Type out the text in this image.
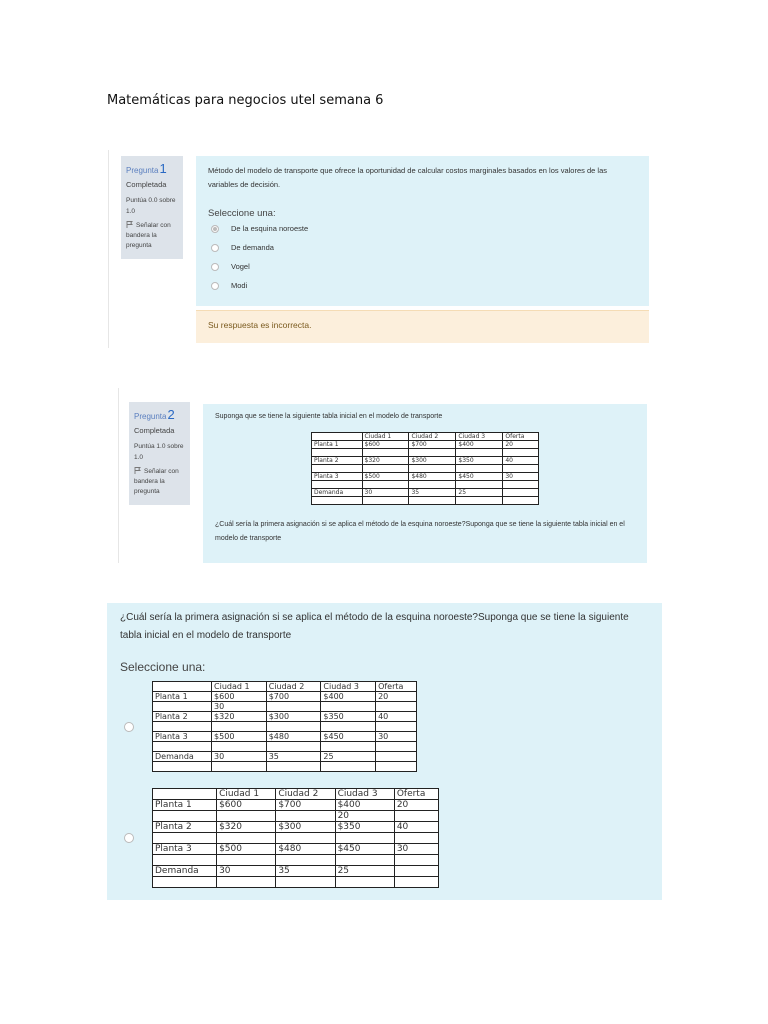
Matemáticas para negocios utel semana 6
Pregunta1
Completada
Puntúa 0.0 sobre 1.0
Señalar con bandera la pregunta
Método del modelo de transporte que ofrece la oportunidad de calcular costos marginales basados en los valores de las variables de decisión.
Seleccione una:
De la esquina noroeste
De demanda
Vogel
Modi
Su respuesta es incorrecta.
Pregunta2
Completada
Puntúa 1.0 sobre 1.0
Señalar con bandera la pregunta
Suponga que se tiene la siguiente tabla inicial en el modelo de transporte
	Ciudad 1	Ciudad 2	Ciudad 3	Oferta
Planta 1	$600	$700	$400	20

Planta 2	$320	$300	$350	40

Planta 3	$500	$480	$450	30

Demanda	30	35	25	

¿Cuál sería la primera asignación si se aplica el método de la esquina noroeste?Suponga que se tiene la siguiente tabla inicial en el modelo de transporte
¿Cuál sería la primera asignación si se aplica el método de la esquina noroeste?Suponga que se tiene la siguiente tabla inicial en el modelo de transporte
Seleccione una:
	Ciudad 1	Ciudad 2	Ciudad 3	Oferta
Planta 1	$600	$700	$400	20
	30			
Planta 2	$320	$300	$350	40

Planta 3	$500	$480	$450	30

Demanda	30	35	25	

	Ciudad 1	Ciudad 2	Ciudad 3	Oferta
Planta 1	$600	$700	$400	20
			20	
Planta 2	$320	$300	$350	40

Planta 3	$500	$480	$450	30

Demanda	30	35	25	
